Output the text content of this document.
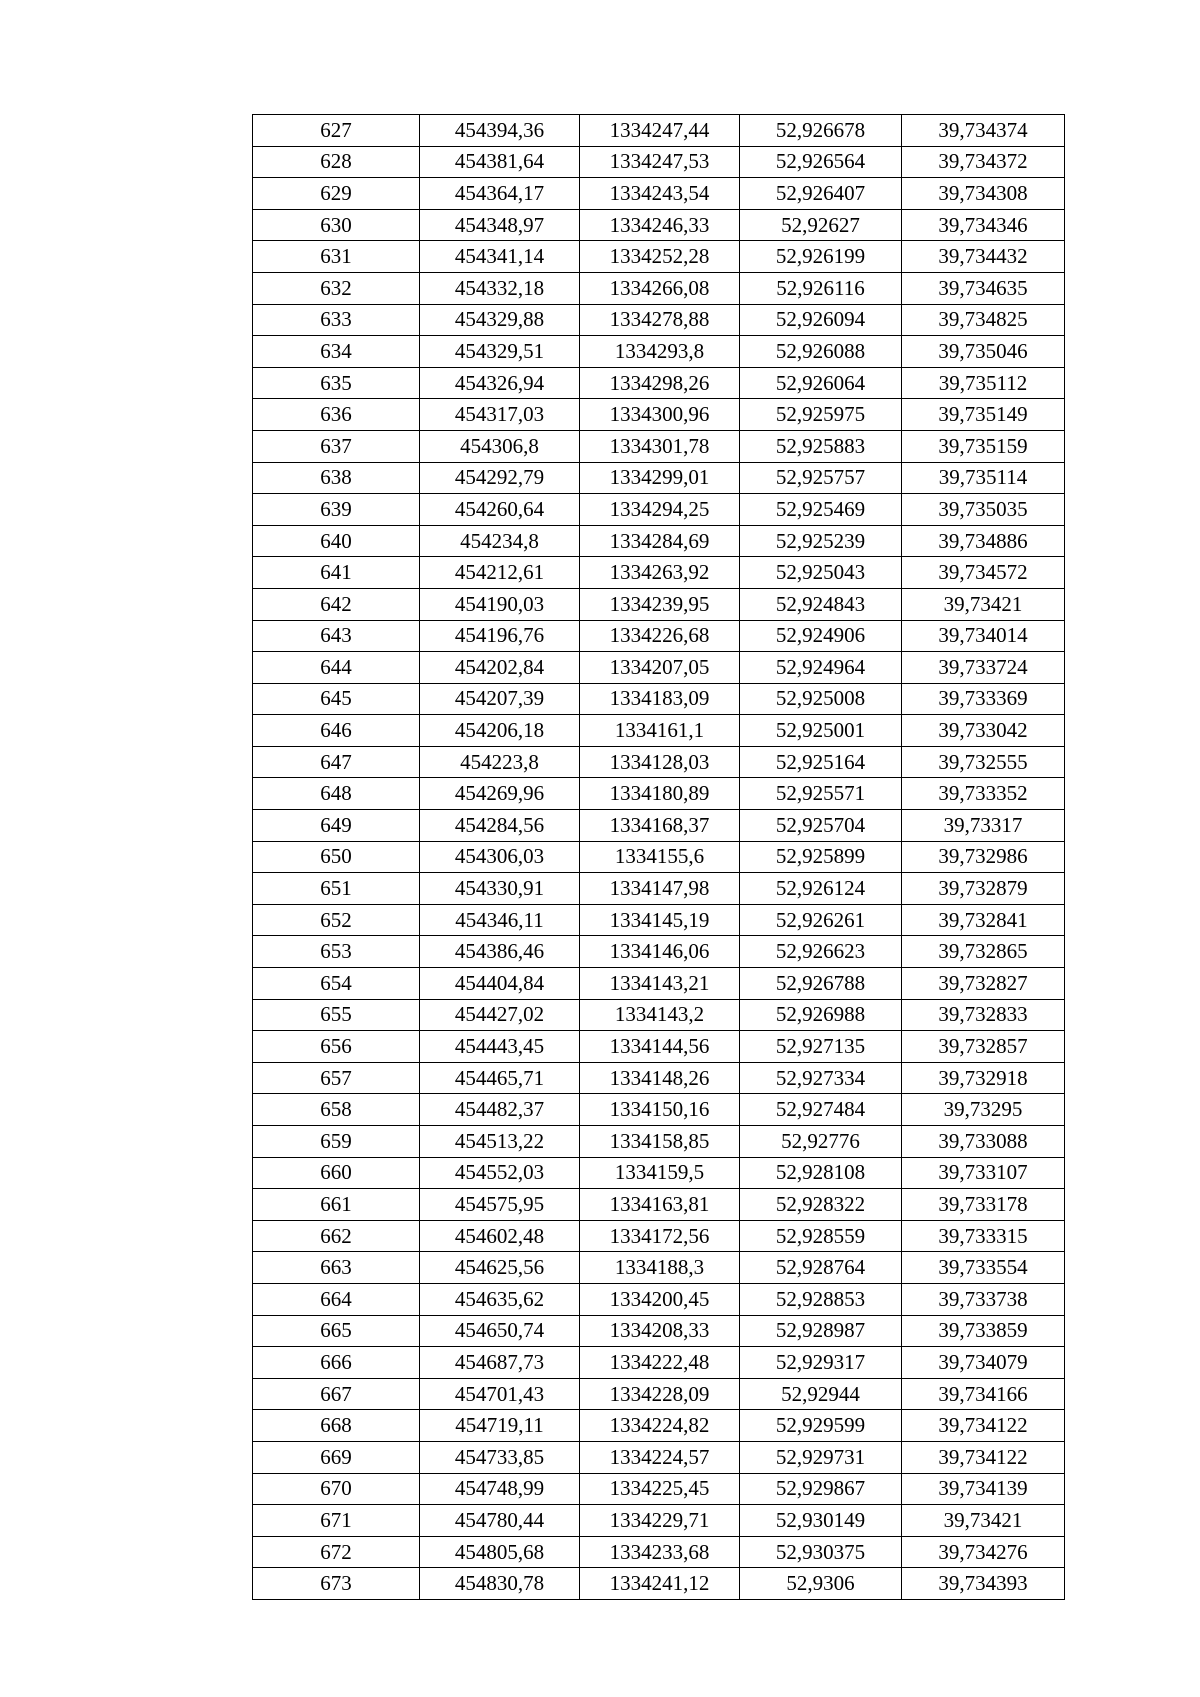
627	454394,36	1334247,44	52,926678	39,734374
628	454381,64	1334247,53	52,926564	39,734372
629	454364,17	1334243,54	52,926407	39,734308
630	454348,97	1334246,33	52,92627	39,734346
631	454341,14	1334252,28	52,926199	39,734432
632	454332,18	1334266,08	52,926116	39,734635
633	454329,88	1334278,88	52,926094	39,734825
634	454329,51	1334293,8	52,926088	39,735046
635	454326,94	1334298,26	52,926064	39,735112
636	454317,03	1334300,96	52,925975	39,735149
637	454306,8	1334301,78	52,925883	39,735159
638	454292,79	1334299,01	52,925757	39,735114
639	454260,64	1334294,25	52,925469	39,735035
640	454234,8	1334284,69	52,925239	39,734886
641	454212,61	1334263,92	52,925043	39,734572
642	454190,03	1334239,95	52,924843	39,73421
643	454196,76	1334226,68	52,924906	39,734014
644	454202,84	1334207,05	52,924964	39,733724
645	454207,39	1334183,09	52,925008	39,733369
646	454206,18	1334161,1	52,925001	39,733042
647	454223,8	1334128,03	52,925164	39,732555
648	454269,96	1334180,89	52,925571	39,733352
649	454284,56	1334168,37	52,925704	39,73317
650	454306,03	1334155,6	52,925899	39,732986
651	454330,91	1334147,98	52,926124	39,732879
652	454346,11	1334145,19	52,926261	39,732841
653	454386,46	1334146,06	52,926623	39,732865
654	454404,84	1334143,21	52,926788	39,732827
655	454427,02	1334143,2	52,926988	39,732833
656	454443,45	1334144,56	52,927135	39,732857
657	454465,71	1334148,26	52,927334	39,732918
658	454482,37	1334150,16	52,927484	39,73295
659	454513,22	1334158,85	52,92776	39,733088
660	454552,03	1334159,5	52,928108	39,733107
661	454575,95	1334163,81	52,928322	39,733178
662	454602,48	1334172,56	52,928559	39,733315
663	454625,56	1334188,3	52,928764	39,733554
664	454635,62	1334200,45	52,928853	39,733738
665	454650,74	1334208,33	52,928987	39,733859
666	454687,73	1334222,48	52,929317	39,734079
667	454701,43	1334228,09	52,92944	39,734166
668	454719,11	1334224,82	52,929599	39,734122
669	454733,85	1334224,57	52,929731	39,734122
670	454748,99	1334225,45	52,929867	39,734139
671	454780,44	1334229,71	52,930149	39,73421
672	454805,68	1334233,68	52,930375	39,734276
673	454830,78	1334241,12	52,9306	39,734393
